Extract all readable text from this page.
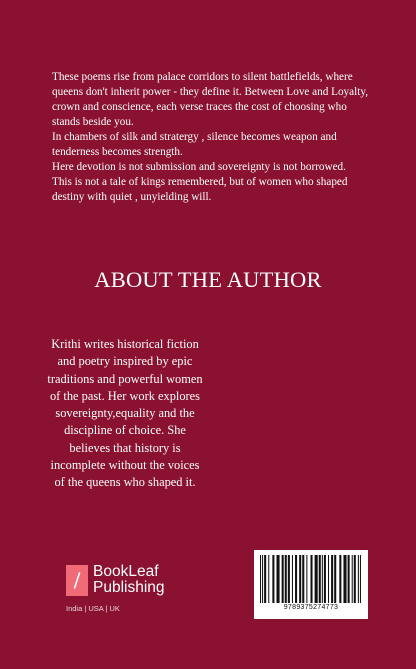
These poems rise from palace corridors to silent battlefields, where queens don't inherit power - they define it. Between Love and Loyalty, crown and conscience, each verse traces the cost of choosing who stands beside you.

In chambers of silk and stratergy , silence becomes weapon and tenderness becomes strength.

Here devotion is not submission and sovereignty is not borrowed.

This is not a tale of kings remembered, but of women who shaped destiny with quiet , unyielding will.

ABOUT THE AUTHOR
Krithi writes historical fiction and poetry inspired by epic traditions and powerful women of the past. Her work explores sovereignty,equality and the discipline of choice. She believes that history is incomplete without the voices of the queens who shaped it.
BookLeaf
Publishing
India | USA | UK	9789375274773
